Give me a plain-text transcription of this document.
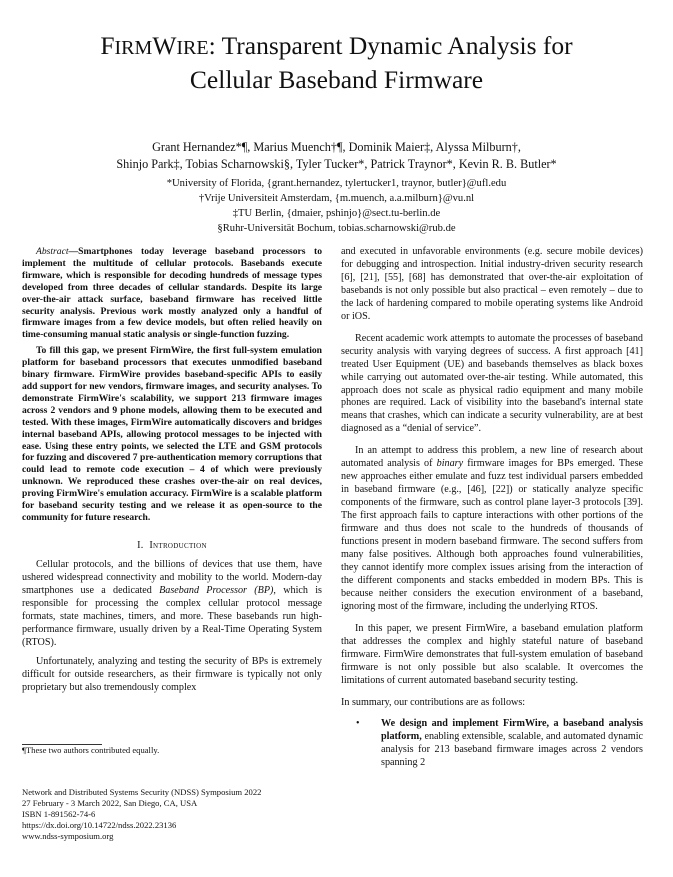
FIRMWIRE: Transparent Dynamic Analysis for
Cellular Baseband Firmware
Grant Hernandez*¶, Marius Muench†¶, Dominik Maier‡, Alyssa Milburn†,
Shinjo Park‡, Tobias Scharnowski§, Tyler Tucker*, Patrick Traynor*, Kevin R. B. Butler*
*University of Florida, {grant.hernandez, tylertucker1, traynor, butler}@ufl.edu
†Vrije Universiteit Amsterdam, {m.muench, a.a.milburn}@vu.nl
‡TU Berlin, {dmaier, pshinjo}@sect.tu-berlin.de
§Ruhr-Universität Bochum, tobias.scharnowski@rub.de

Abstract—Smartphones today leverage baseband processors to implement the multitude of cellular protocols. Basebands execute firmware, which is responsible for decoding hundreds of message types developed from three decades of cellular standards. Despite its large over-the-air attack surface, baseband firmware has received little security analysis. Previous work mostly analyzed only a handful of firmware images from a few device models, but often relied heavily on time-consuming manual static analysis or single-function fuzzing.

To fill this gap, we present FirmWire, the first full-system emulation platform for baseband processors that executes unmodified baseband binary firmware. FirmWire provides baseband-specific APIs to easily add support for new vendors, firmware images, and security analyses. To demonstrate FirmWire's scalability, we support 213 firmware images across 2 vendors and 9 phone models, allowing them to be executed and tested. With these images, FirmWire automatically discovers and bridges internal baseband APIs, allowing protocol messages to be injected with ease. Using these entry points, we selected the LTE and GSM protocols for fuzzing and discovered 7 pre-authentication memory corruptions that could lead to remote code execution – 4 of which were previously unknown. We reproduced these crashes over-the-air on real devices, proving FirmWire's emulation accuracy. FirmWire is a scalable platform for baseband security testing and we release it as open-source to the community for future research.

I. Introduction

Cellular protocols, and the billions of devices that use them, have ushered widespread connectivity and mobility to the world. Modern-day smartphones use a dedicated Baseband Processor (BP), which is responsible for processing the complex cellular protocol message formats, state machines, timers, and more. These basebands run high-performance firmware, usually driven by a Real-Time Operating System (RTOS).

Unfortunately, analyzing and testing the security of BPs is extremely difficult for outside researchers, as their firmware is typically not only proprietary but also tremendously complex

¶These two authors contributed equally.
Network and Distributed Systems Security (NDSS) Symposium 2022
27 February - 3 March 2022, San Diego, CA, USA
ISBN 1-891562-74-6
https://dx.doi.org/10.14722/ndss.2022.23136
www.ndss-symposium.org

and executed in unfavorable environments (e.g. secure mobile devices) for debugging and introspection. Initial industry-driven security research [6], [21], [55], [68] has demonstrated that over-the-air exploitation of basebands is not only possible but also practical – even remotely – due to the lack of hardening compared to mobile operating systems like Android or iOS.

Recent academic work attempts to automate the processes of baseband security analysis with varying degrees of success. A first approach [41] treated User Equipment (UE) and basebands themselves as black boxes while carrying out automated over-the-air testing. While automated, this approach does not scale as physical radio equipment and many mobile phones are required. Lack of visibility into the baseband's internal state means that crashes, which can indicate a security vulnerability, are at best diagnosed as a “denial of service”.

In an attempt to address this problem, a new line of research about automated analysis of binary firmware images for BPs emerged. These new approaches either emulate and fuzz test individual parsers embedded in baseband firmware (e.g., [46], [22]) or statically analyze specific components of the firmware, such as control plane layer-3 protocols [39]. The first approach fails to capture interactions with other portions of the firmware and thus does not scale to the hundreds of thousands of functions present in modern baseband firmware. The second suffers from many false positives. Although both approaches found vulnerabilities, they cannot identify more complex issues arising from the interaction of the different components and stacks embedded in modern BPs. This is because neither considers the execution environment of a baseband, ignoring most of the firmware, including the underlying RTOS.

In this paper, we present FirmWire, a baseband emulation platform that addresses the complex and highly stateful nature of baseband firmware. FirmWire demonstrates that full-system emulation of baseband firmware is not only possible but also scalable. It overcomes the limitations of current automated baseband security testing.

In summary, our contributions are as follows:

• We design and implement FirmWire, a baseband analysis platform, enabling extensible, scalable, and automated dynamic analysis for 213 baseband firmware images across 2 vendors spanning 2
